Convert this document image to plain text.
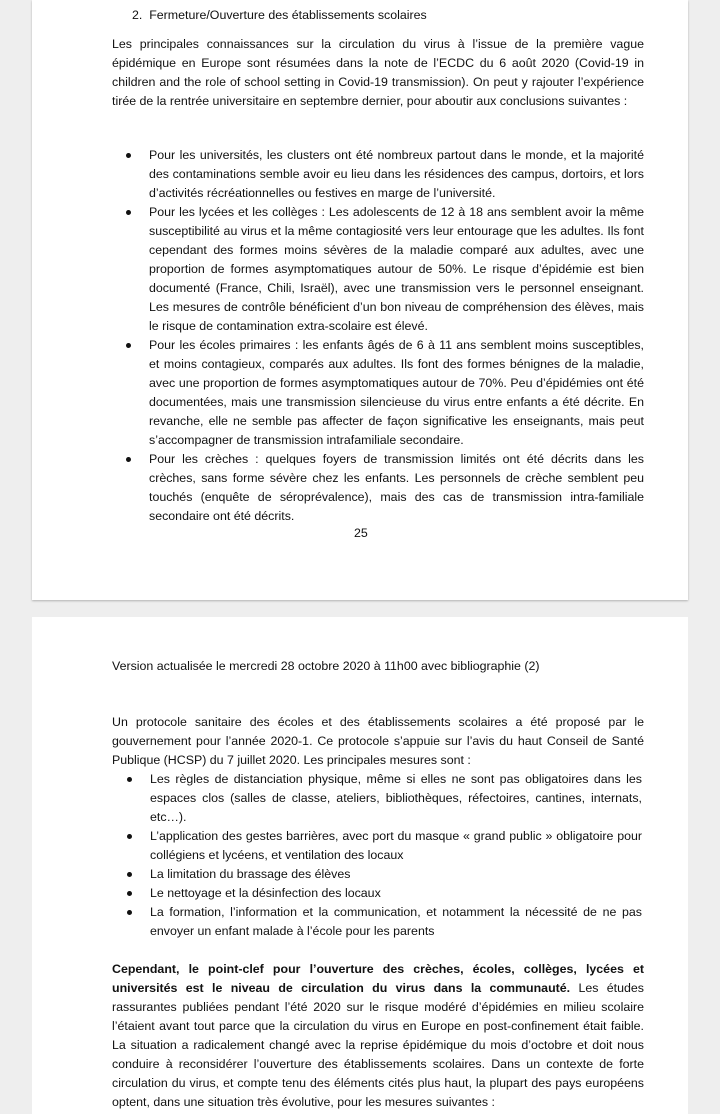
2.  Fermeture/Ouverture des établissements scolaires
Les principales connaissances sur la circulation du virus à l’issue de la première vague épidémique en Europe sont résumées dans la note de l’ECDC du 6 août 2020 (Covid-19 in children and the role of school setting in Covid-19 transmission). On peut y rajouter l’expérience tirée de la rentrée universitaire en septembre dernier, pour aboutir aux conclusions suivantes :
Pour les universités, les clusters ont été nombreux partout dans le monde, et la majorité des contaminations semble avoir eu lieu dans les résidences des campus, dortoirs, et lors d’activités récréationnelles ou festives en marge de l’université.
Pour les lycées et les collèges : Les adolescents de 12 à 18 ans semblent avoir la même susceptibilité au virus et la même contagiosité vers leur entourage que les adultes. Ils font cependant des formes moins sévères de la maladie comparé aux adultes, avec une proportion de formes asymptomatiques autour de 50%. Le risque d’épidémie est bien documenté (France, Chili, Israël), avec une transmission vers le personnel enseignant. Les mesures de contrôle bénéficient d’un bon niveau de compréhension des élèves, mais le risque de contamination extra-scolaire est élevé.
Pour les écoles primaires : les enfants âgés de 6 à 11 ans semblent moins susceptibles, et moins contagieux, comparés aux adultes. Ils font des formes bénignes de la maladie, avec une proportion de formes asymptomatiques autour de 70%. Peu d’épidémies ont été documentées, mais une transmission silencieuse du virus entre enfants a été décrite. En revanche, elle ne semble pas affecter de façon significative les enseignants, mais peut s’accompagner de transmission intrafamiliale secondaire.
Pour les crèches : quelques foyers de transmission limités ont été décrits dans les crèches, sans forme sévère chez les enfants. Les personnels de crèche semblent peu touchés (enquête de séroprévalence), mais des cas de transmission intra-familiale secondaire ont été décrits.
25
Version actualisée le mercredi 28 octobre 2020 à 11h00 avec bibliographie (2)
Un protocole sanitaire des écoles et des établissements scolaires a été proposé par le gouvernement pour l’année 2020-1. Ce protocole s’appuie sur l’avis du haut Conseil de Santé Publique (HCSP) du 7 juillet 2020. Les principales mesures sont :
Les règles de distanciation physique, même si elles ne sont pas obligatoires dans les espaces clos (salles de classe, ateliers, bibliothèques, réfectoires, cantines, internats, etc…).
L’application des gestes barrières, avec port du masque « grand public » obligatoire pour collégiens et lycéens, et ventilation des locaux
La limitation du brassage des élèves
Le nettoyage et la désinfection des locaux
La formation, l’information et la communication, et notamment la nécessité de ne pas envoyer un enfant malade à l’école pour les parents
Cependant, le point-clef pour l’ouverture des crèches, écoles, collèges, lycées et universités est le niveau de circulation du virus dans la communauté. Les études rassurantes publiées pendant l’été 2020 sur le risque modéré d’épidémies en milieu scolaire l’étaient avant tout parce que la circulation du virus en Europe en post-confinement était faible. La situation a radicalement changé avec la reprise épidémique du mois d’octobre et doit nous conduire à reconsidérer l’ouverture des établissements scolaires. Dans un contexte de forte circulation du virus, et compte tenu des éléments cités plus haut, la plupart des pays européens optent, dans une situation très évolutive, pour les mesures suivantes :
